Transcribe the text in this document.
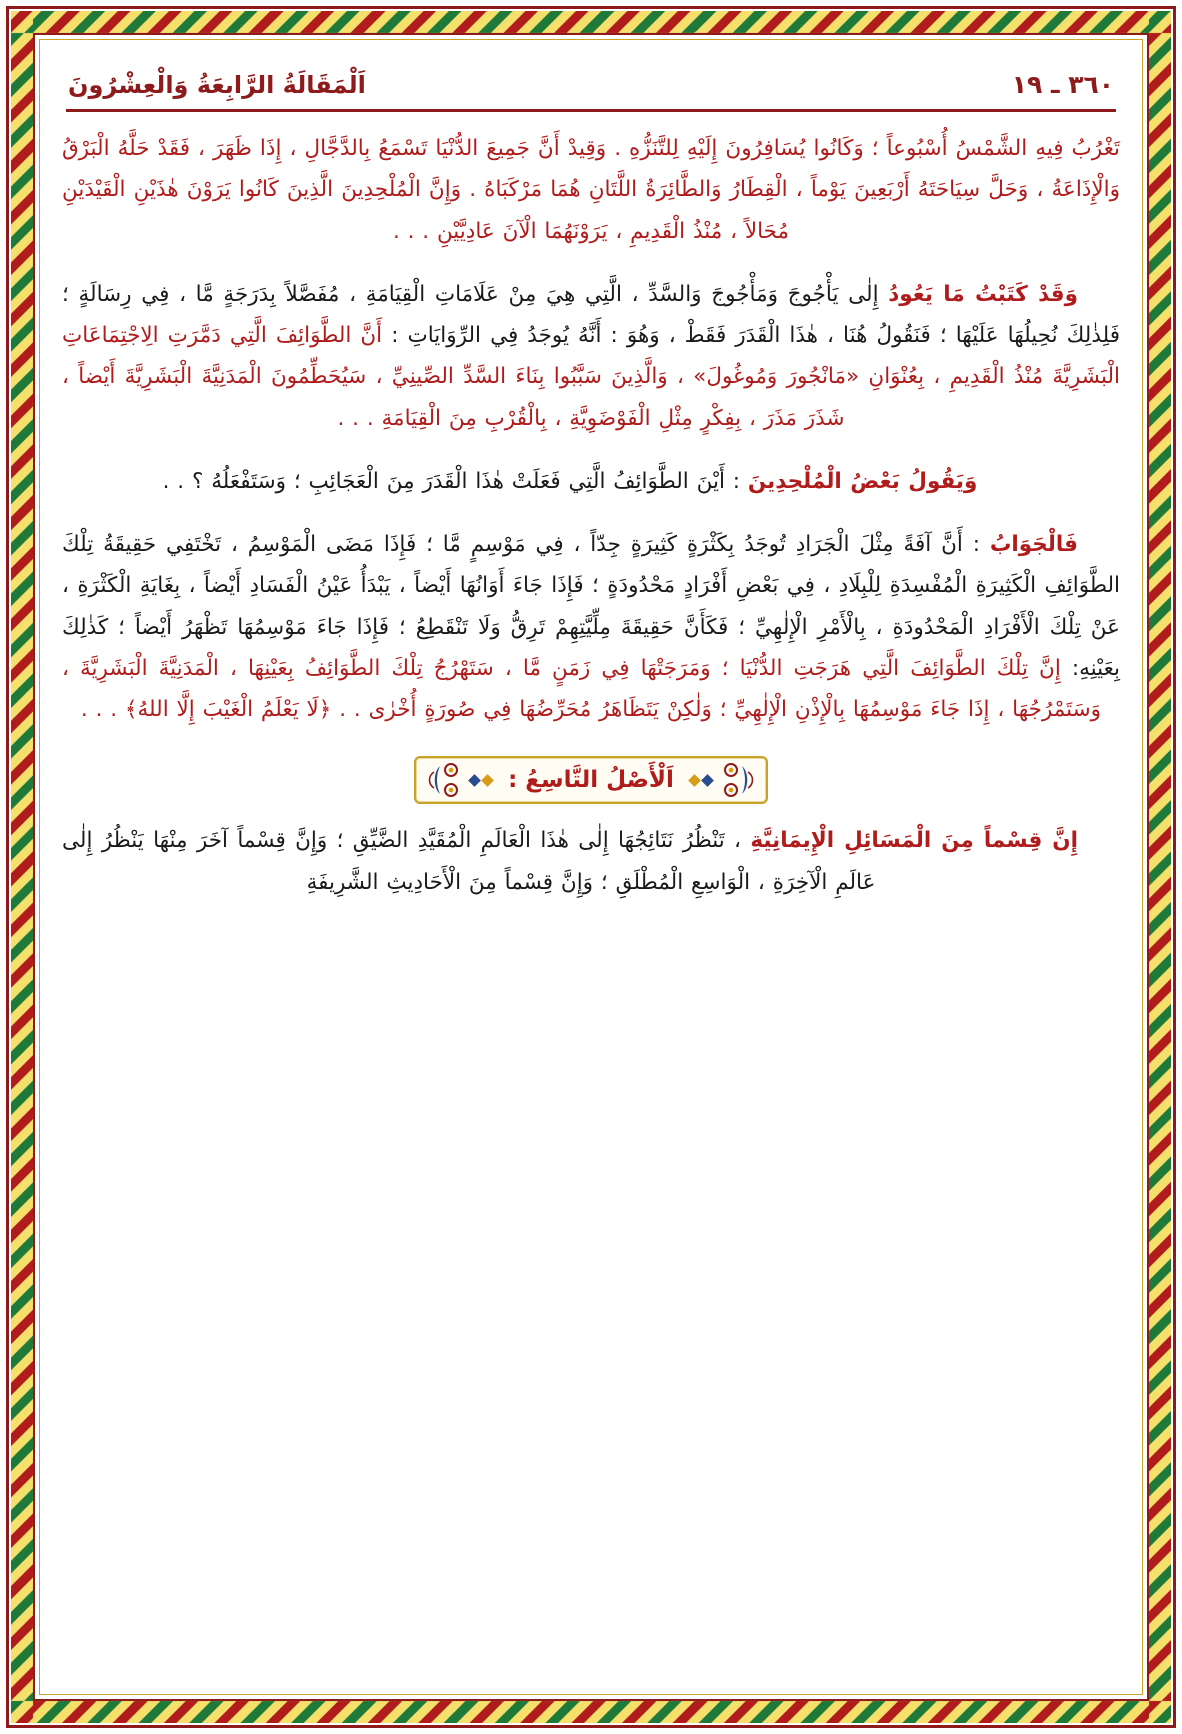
اَلْمَقَالَةُ الرَّابِعَةُ وَالْعِشْرُونَ	٣٦٠ ـ ١٩

تَغْرُبُ فِيهِ الشَّمْسُ أُسْبُوعاً ؛ وَكَانُوا يُسَافِرُونَ إِلَيْهِ لِلتَّنَزُّهِ . وَقِيدْ أَنَّ جَمِيعَ الدُّنْيَا تَسْمَعُ بِالدَّجَّالِ ، إِذَا ظَهَرَ ، فَقَدْ حَلَّهُ الْبَرْقُ وَالْإِذَاعَةُ ، وَحَلَّ سِيَاحَتَهُ أَرْبَعِينَ يَوْماً ، الْقِطَارُ وَالطَّائِرَةُ اللَّتَانِ هُمَا مَرْكَبَاهُ . وَإِنَّ الْمُلْحِدِينَ الَّذِينَ كَانُوا يَرَوْنَ هٰذَيْنِ الْقَيْدَيْنِ مُحَالاً ، مُنْذُ الْقَدِيمِ ، يَرَوْنَهُمَا الْآنَ عَادِيَّيْنِ . . .

وَقَدْ كَتَبْتُ مَا يَعُودُ إِلٰى يَأْجُوجَ وَمَأْجُوجَ وَالسَّدِّ ، الَّتِي هِيَ مِنْ عَلَامَاتِ الْقِيَامَةِ ، مُفَصَّلاً بِدَرَجَةٍ مَّا ، فِي رِسَالَةٍ ؛ فَلِذٰلِكَ نُحِيلُهَا عَلَيْهَا ؛ فَنَقُولُ هُنَا ، هٰذَا الْقَدَرَ فَقَطْ ، وَهُوَ : أَنَّهُ يُوجَدُ فِي الرِّوَايَاتِ : أَنَّ الطَّوَائِفَ الَّتِي دَمَّرَتِ الِاجْتِمَاعَاتِ الْبَشَرِيَّةَ مُنْذُ الْقَدِيمِ ، بِعُنْوَانِ «مَانْجُورَ وَمُوغُولَ» ، وَالَّذِينَ سَبَّبُوا بِنَاءَ السَّدِّ الصِّينِيِّ ، سَيُحَطِّمُونَ الْمَدَنِيَّةَ الْبَشَرِيَّةَ أَيْضاً ، شَذَرَ مَذَرَ ، بِفِكْرٍ مِثْلِ الْفَوْضَوِيَّةِ ، بِالْقُرْبِ مِنَ الْقِيَامَةِ . . .

وَيَقُولُ بَعْضُ الْمُلْحِدِينَ : أَيْنَ الطَّوَائِفُ الَّتِي فَعَلَتْ هٰذَا الْقَدَرَ مِنَ الْعَجَائِبِ ؛ وَسَتَفْعَلُهُ ؟ . .

فَالْجَوَابُ : أَنَّ آفَةً مِثْلَ الْجَرَادِ تُوجَدُ بِكَثْرَةٍ كَثِيرَةٍ جِدّاً ، فِي مَوْسِمٍ مَّا ؛ فَإِذَا مَضَى الْمَوْسِمُ ، تَخْتَفِي حَقِيقَةُ تِلْكَ الطَّوَائِفِ الْكَثِيرَةِ الْمُفْسِدَةِ لِلْبِلَادِ ، فِي بَعْضِ أَفْرَادٍ مَحْدُودَةٍ ؛ فَإِذَا جَاءَ أَوَانُهَا أَيْضاً ، يَبْدَأُ عَيْنُ الْفَسَادِ أَيْضاً ، بِغَايَةِ الْكَثْرَةِ ، عَنْ تِلْكَ الْأَفْرَادِ الْمَحْدُودَةِ ، بِالْأَمْرِ الْإِلٰهِيِّ ؛ فَكَأَنَّ حَقِيقَةَ مِلِّيَّتِهِمْ تَرِقُّ وَلَا تَنْقَطِعُ ؛ فَإِذَا جَاءَ مَوْسِمُهَا تَظْهَرُ أَيْضاً ؛ كَذٰلِكَ بِعَيْنِهِ: إِنَّ تِلْكَ الطَّوَائِفَ الَّتِي هَرَجَتِ الدُّنْيَا ؛ وَمَرَجَتْهَا فِي زَمَنٍ مَّا ، سَتَهْرُجُ تِلْكَ الطَّوَائِفُ بِعَيْنِهَا ، الْمَدَنِيَّةَ الْبَشَرِيَّةَ ، وَسَتَمْرُجُهَا ، إِذَا جَاءَ مَوْسِمُهَا بِالْإِذْنِ الْإِلٰهِيِّ ؛ وَلٰكِنْ يَتَظَاهَرُ مُحَرِّضُهَا فِي صُورَةٍ أُخْرٰى . . ﴿لَا يَعْلَمُ الْغَيْبَ إِلَّا اللهُ﴾ . . .

اَلْأَصْلُ التَّاسِعُ :

إِنَّ قِسْماً مِنَ الْمَسَائِلِ الْإِيمَانِيَّةِ ، تَنْظُرُ نَتَائِجُهَا إِلٰى هٰذَا الْعَالَمِ الْمُقَيَّدِ الضَّيِّقِ ؛ وَإِنَّ قِسْماً آخَرَ مِنْهَا يَنْظُرُ إِلٰى عَالَمِ الْآخِرَةِ ، الْوَاسِعِ الْمُطْلَقِ ؛ وَإِنَّ قِسْماً مِنَ الْأَحَادِيثِ الشَّرِيفَةِ
